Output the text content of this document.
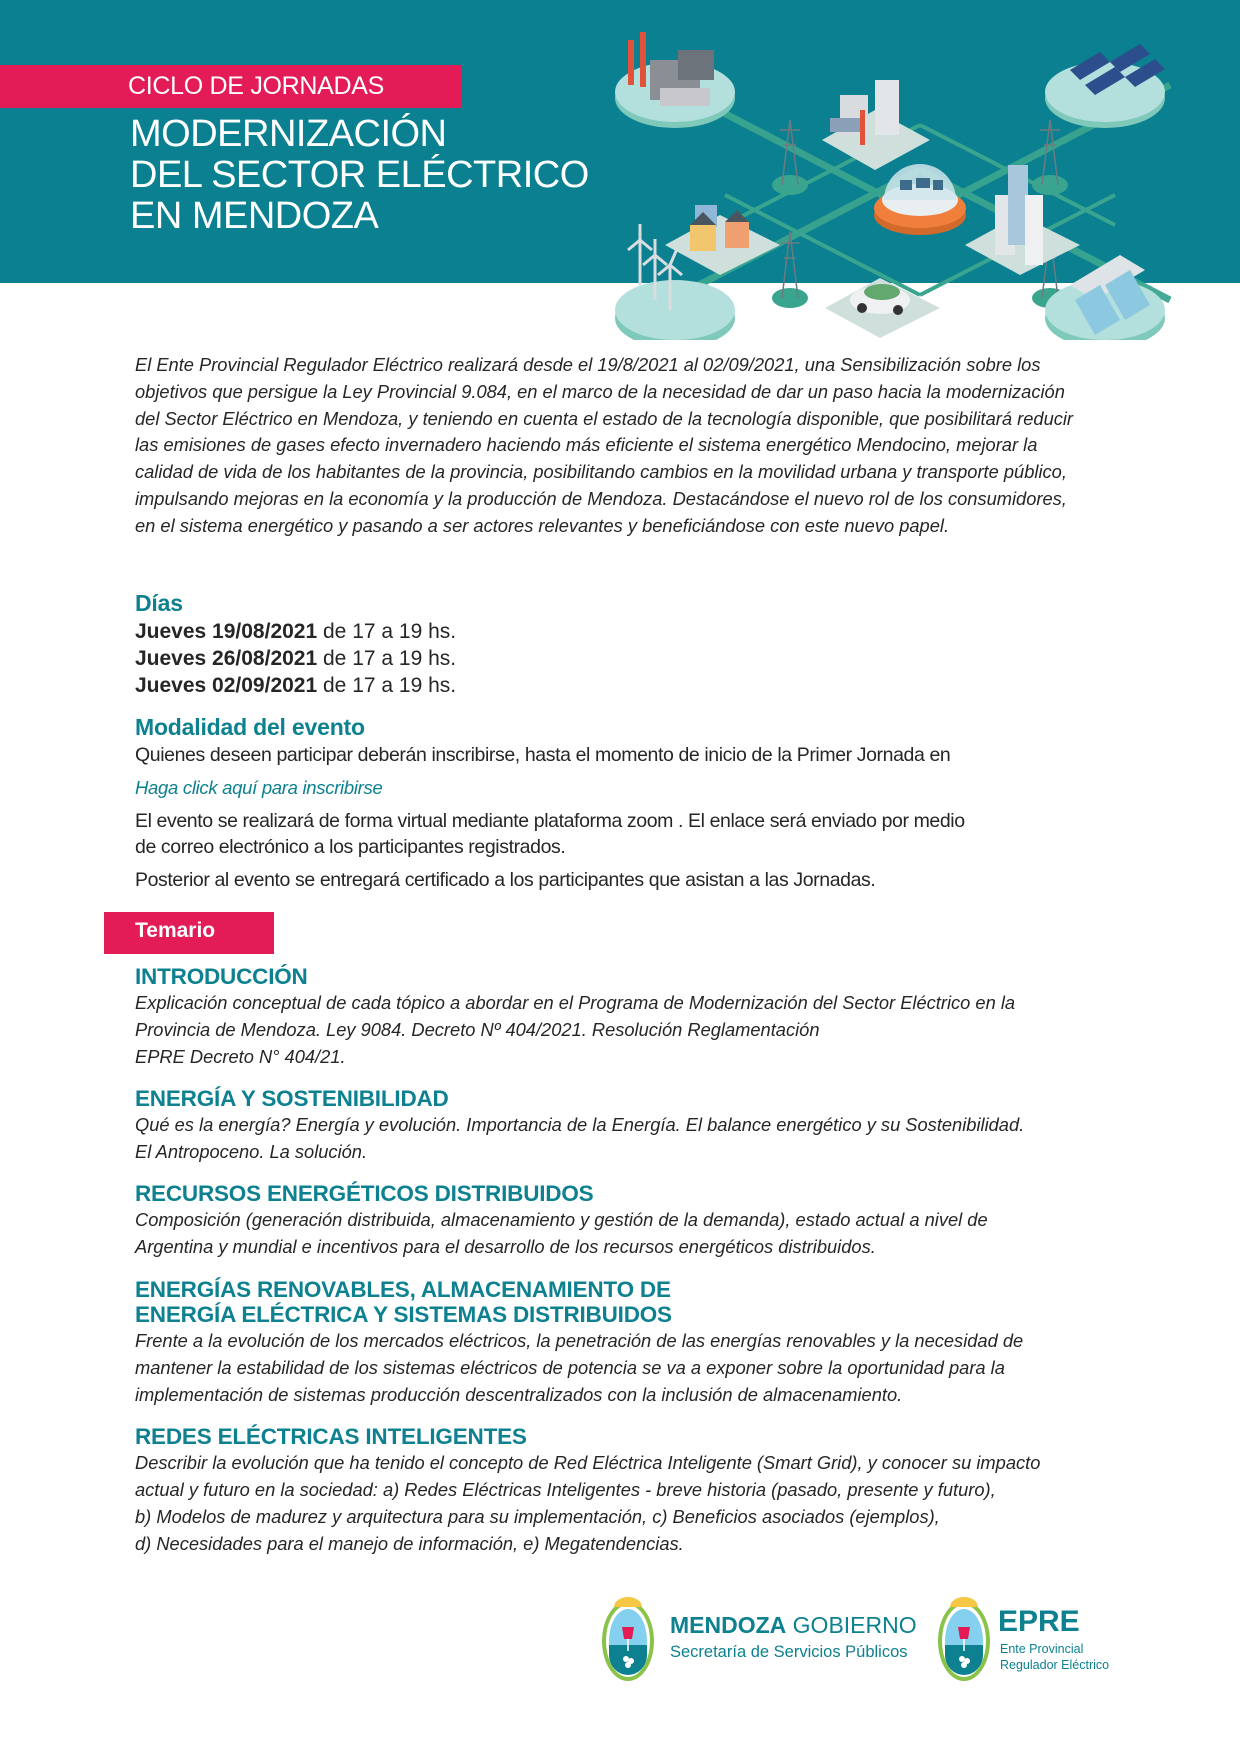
CICLO DE JORNADAS
MODERNIZACIÓN
DEL SECTOR ELÉCTRICO
EN MENDOZA
El Ente Provincial Regulador Eléctrico realizará desde el 19/8/2021 al 02/09/2021, una Sensibilización sobre los
objetivos que persigue la Ley Provincial 9.084, en el marco de la necesidad de dar un paso hacia la modernización
del Sector Eléctrico en Mendoza, y teniendo en cuenta el estado de la tecnología disponible, que posibilitará reducir
las emisiones de gases efecto invernadero haciendo más eficiente el sistema energético Mendocino, mejorar la
calidad de vida de los habitantes de la provincia, posibilitando cambios en la movilidad urbana y transporte público,
impulsando mejoras en la economía y la producción de Mendoza. Destacándose el nuevo rol de los consumidores,
en el sistema energético y pasando a ser actores relevantes y beneficiándose con este nuevo papel.
Días
Jueves 19/08/2021 de 17 a 19 hs.
Jueves 26/08/2021 de 17 a 19 hs.
Jueves 02/09/2021 de 17 a 19 hs.
Modalidad del evento
Quienes deseen participar deberán inscribirse, hasta el momento de inicio de la Primer Jornada en
Haga click aquí para inscribirse
El evento se realizará de forma virtual mediante plataforma zoom . El enlace será enviado por medio
de correo electrónico a los participantes registrados.
Posterior al evento se entregará certificado a los participantes que asistan a las Jornadas.
Temario
INTRODUCCIÓN
Explicación conceptual de cada tópico a abordar en el Programa de Modernización del Sector Eléctrico en la
Provincia de Mendoza. Ley 9084. Decreto Nº 404/2021. Resolución Reglamentación
EPRE Decreto N° 404/21.
ENERGÍA Y SOSTENIBILIDAD
Qué es la energía? Energía y evolución. Importancia de la Energía. El balance energético y su Sostenibilidad.
El Antropoceno. La solución.
RECURSOS ENERGÉTICOS DISTRIBUIDOS
Composición (generación distribuida, almacenamiento y gestión de la demanda), estado actual a nivel de
Argentina y mundial e incentivos para el desarrollo de los recursos energéticos distribuidos.
ENERGÍAS RENOVABLES, ALMACENAMIENTO DE
ENERGÍA ELÉCTRICA Y SISTEMAS DISTRIBUIDOS
Frente a la evolución de los mercados eléctricos, la penetración de las energías renovables y la necesidad de
mantener la estabilidad de los sistemas eléctricos de potencia se va a exponer sobre la oportunidad para la
implementación de sistemas producción descentralizados con la inclusión de almacenamiento.
REDES ELÉCTRICAS INTELIGENTES
Describir la evolución que ha tenido el concepto de Red Eléctrica Inteligente (Smart Grid), y conocer su impacto
actual y futuro en la sociedad: a) Redes Eléctricas Inteligentes - breve historia (pasado, presente y futuro),
b) Modelos de madurez y arquitectura para su implementación, c) Beneficios asociados (ejemplos),
d) Necesidades para el manejo de información, e) Megatendencias.
MENDOZA GOBIERNO
Secretaría de Servicios Públicos
EPRE
Ente Provincial
Regulador Eléctrico
